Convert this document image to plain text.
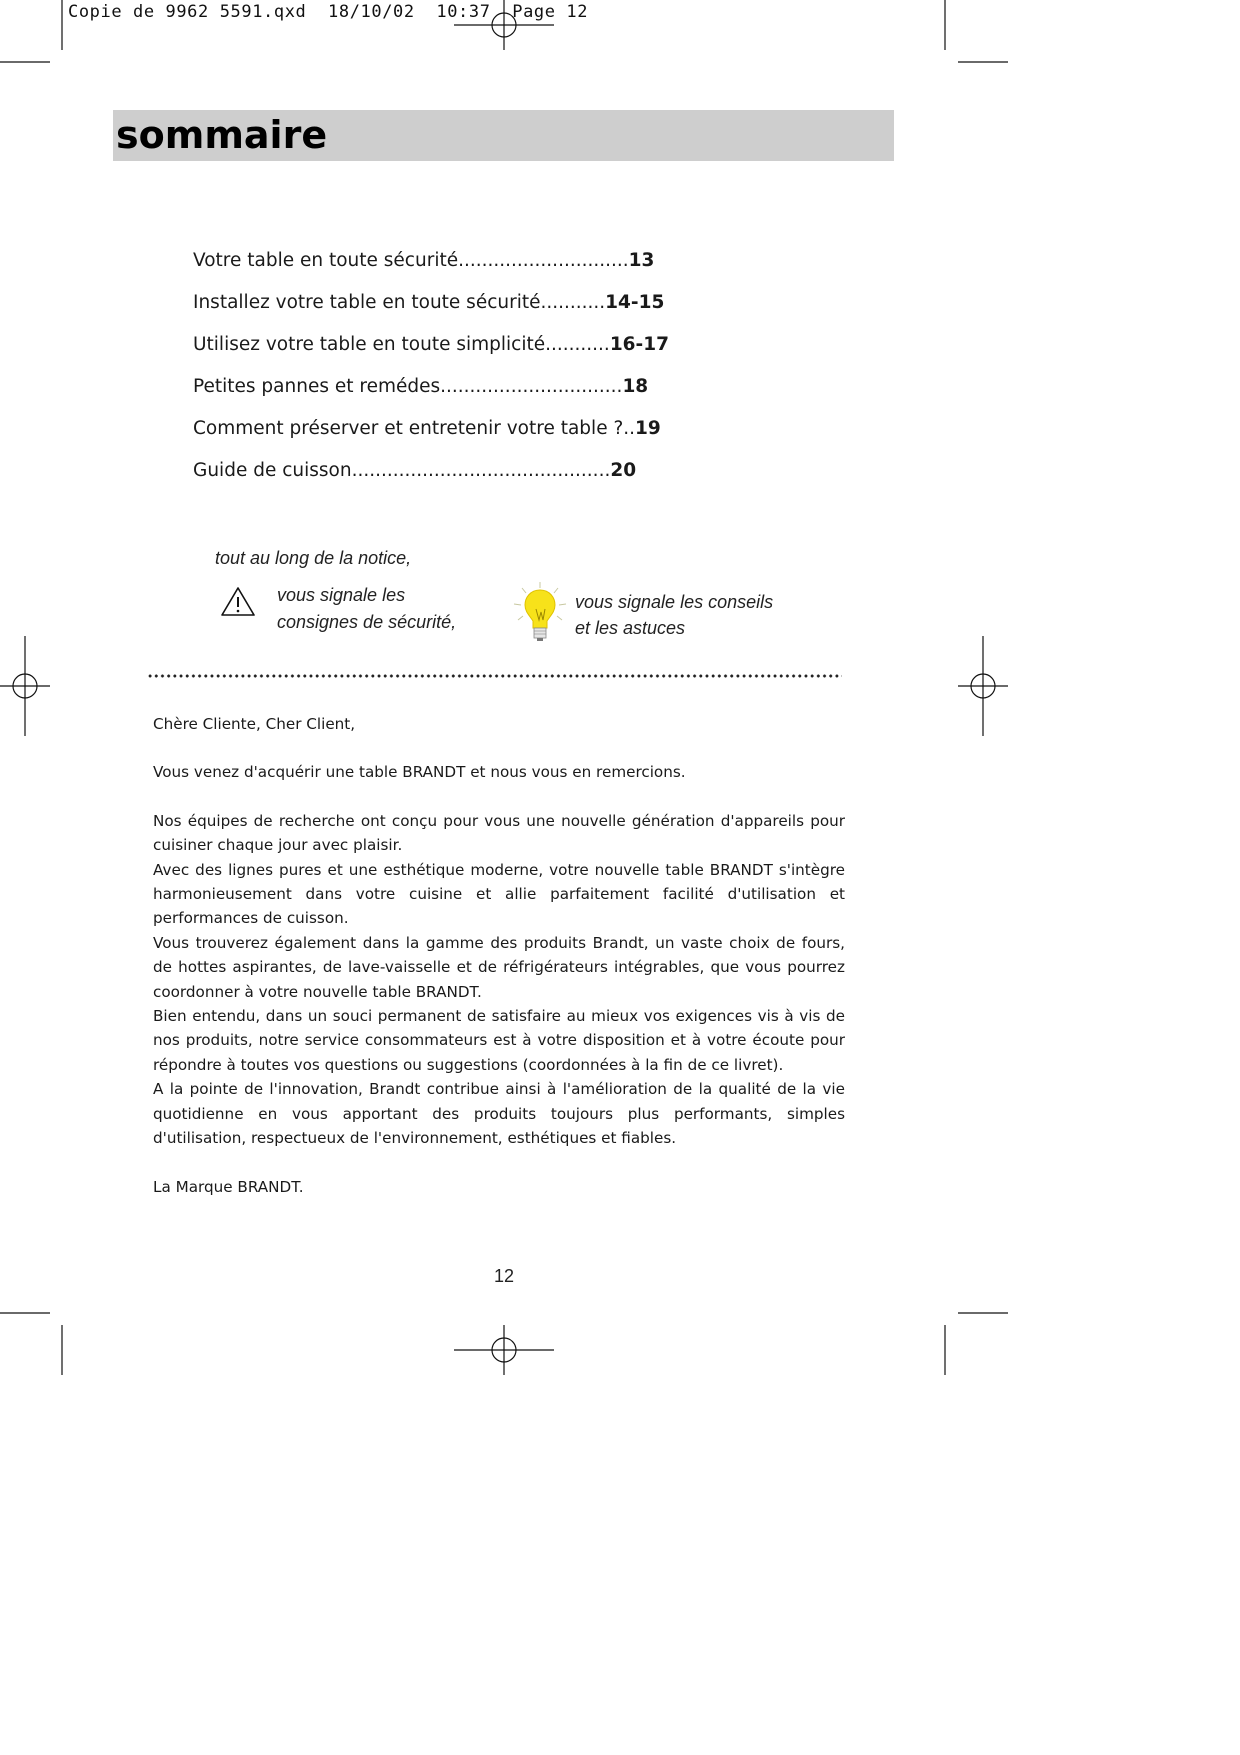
Copie de 9962 5591.qxd  18/10/02  10:37  Page 12
sommaire
Votre table en toute sécurité.............................13
Installez votre table en toute sécurité...........14-15
Utilisez votre table en toute simplicité...........16-17
Petites pannes et remédes...............................18
Comment préserver et entretenir votre table ?..19
Guide de cuisson............................................20
tout au long de la notice,
vous signale les
consignes de sécurité,
vous signale les conseils
et les astuces

Chère Cliente, Cher Client,

Vous venez d'acquérir une table BRANDT et nous vous en remercions.

Nos équipes de recherche ont conçu pour vous une nouvelle génération d'appareils pour cuisiner chaque jour avec plaisir.

Avec des lignes pures et une esthétique moderne, votre nouvelle table BRANDT s'intègre harmonieusement dans votre cuisine et allie parfaitement facilité d'utilisation et performances de cuisson.

Vous trouverez également dans la gamme des produits Brandt, un vaste choix de fours, de hottes aspirantes, de lave-vaisselle et de réfrigérateurs intégrables, que vous pourrez coordonner à votre nouvelle table BRANDT.

Bien entendu, dans un souci permanent de satisfaire au mieux vos exigences vis à vis de nos produits, notre service consommateurs est à votre disposition et à votre écoute pour répondre à toutes vos questions ou suggestions (coordonnées à la fin de ce livret).

A la pointe de l'innovation, Brandt contribue ainsi à l'amélioration de la qualité de la vie quotidienne en vous apportant des produits toujours plus performants, simples d'utilisation, respectueux de l'environnement, esthétiques et fiables.

La Marque BRANDT.

12
